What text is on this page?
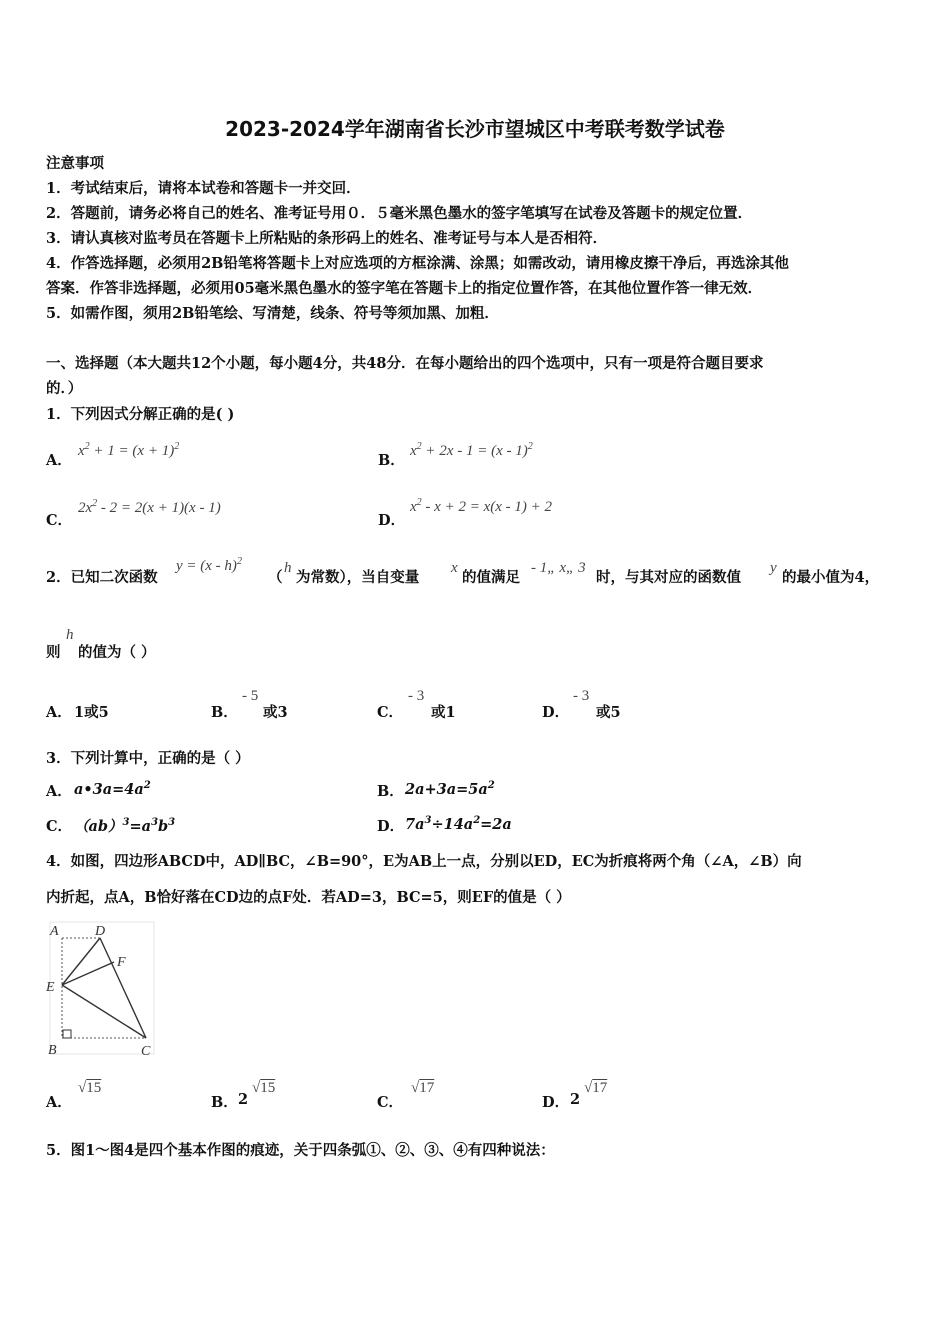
2023-2024学年湖南省长沙市望城区中考联考数学试卷
注意事项
1．考试结束后，请将本试卷和答题卡一并交回．
2．答题前，请务必将自己的姓名、准考证号用０．５毫米黑色墨水的签字笔填写在试卷及答题卡的规定位置．
3．请认真核对监考员在答题卡上所粘贴的条形码上的姓名、准考证号与本人是否相符．
4．作答选择题，必须用2B铅笔将答题卡上对应选项的方框涂满、涂黑；如需改动，请用橡皮擦干净后，再选涂其他
答案．作答非选择题，必须用05毫米黑色墨水的签字笔在答题卡上的指定位置作答，在其他位置作答一律无效．
5．如需作图，须用2B铅笔绘、写清楚，线条、符号等须加黑、加粗．
一、选择题（本大题共12个小题，每小题4分，共48分．在每小题给出的四个选项中，只有一项是符合题目要求
的．）
1．下列因式分解正确的是( )
A．
$x^2 + 1 = (x + 1)^2$
B．
$x^2 + 2x - 1 = (x - 1)^2$
C．
$2x^2 - 2 = 2(x + 1)(x - 1)$
D．
$x^2 - x + 2 = x(x - 1) + 2$
2．已知二次函数
y = (x - h)$^2$
（
h
为常数），当自变量
x
的值满足
- 1„ x„ 3
时，与其对应的函数值
y
的最小值为4，
则
h
的值为（ ）
A． 1或5	B．
- 5
或3	C．
- 3
或1	D．
- 3
或5
3．下列计算中，正确的是（ ）
A． $a•3a=4a^2$	B． $2a+3a=5a^2$
C． $(ab)^3=a^3b^3$	D． $7a^3\div 14a^2=2a$
4．如图，四边形ABCD中，AD∥BC，∠B=90°，E为AB上一点，分别以ED，EC为折痕将两个角（∠A，∠B）向
内折起，点A，B恰好落在CD边的点F处．若AD=3，BC=5，则EF的值是（ ）
A	D
F
E
B	C
A．
√15
B． 2
√15
C．
√17
D． 2
√17
5．图1～图4是四个基本作图的痕迹，关于四条弧①、②、③、④有四种说法：
